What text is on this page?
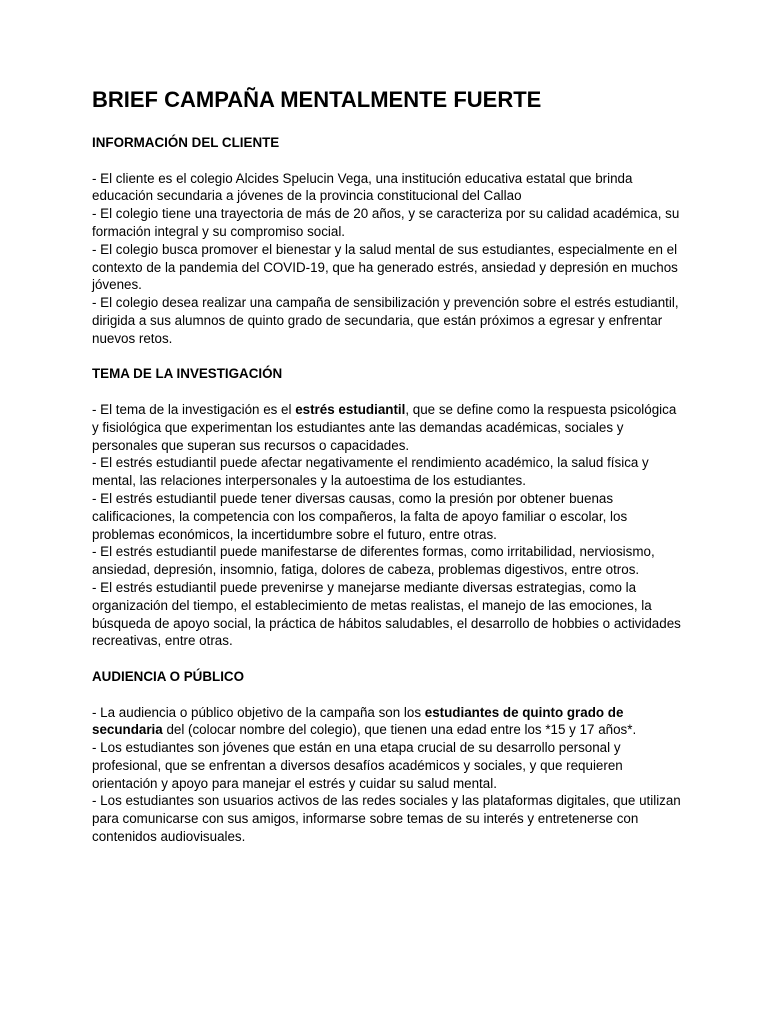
BRIEF CAMPAÑA MENTALMENTE FUERTE
INFORMACIÓN DEL CLIENTE

- El cliente es el colegio Alcides Spelucin Vega, una institución educativa estatal que brinda educación secundaria a jóvenes de la provincia constitucional del Callao

- El colegio tiene una trayectoria de más de 20 años, y se caracteriza por su calidad académica, su formación integral y su compromiso social.

- El colegio busca promover el bienestar y la salud mental de sus estudiantes, especialmente en el contexto de la pandemia del COVID-19, que ha generado estrés, ansiedad y depresión en muchos jóvenes.

- El colegio desea realizar una campaña de sensibilización y prevención sobre el estrés estudiantil, dirigida a sus alumnos de quinto grado de secundaria, que están próximos a egresar y enfrentar nuevos retos.

TEMA DE LA INVESTIGACIÓN

- El tema de la investigación es el estrés estudiantil, que se define como la respuesta psicológica y fisiológica que experimentan los estudiantes ante las demandas académicas, sociales y personales que superan sus recursos o capacidades.

- El estrés estudiantil puede afectar negativamente el rendimiento académico, la salud física y mental, las relaciones interpersonales y la autoestima de los estudiantes.

- El estrés estudiantil puede tener diversas causas, como la presión por obtener buenas calificaciones, la competencia con los compañeros, la falta de apoyo familiar o escolar, los problemas económicos, la incertidumbre sobre el futuro, entre otras.

- El estrés estudiantil puede manifestarse de diferentes formas, como irritabilidad, nerviosismo, ansiedad, depresión, insomnio, fatiga, dolores de cabeza, problemas digestivos, entre otros.

- El estrés estudiantil puede prevenirse y manejarse mediante diversas estrategias, como la organización del tiempo, el establecimiento de metas realistas, el manejo de las emociones, la búsqueda de apoyo social, la práctica de hábitos saludables, el desarrollo de hobbies o actividades recreativas, entre otras.

AUDIENCIA O PÚBLICO

- La audiencia o público objetivo de la campaña son los estudiantes de quinto grado de secundaria del (colocar nombre del colegio), que tienen una edad entre los *15 y 17 años*.

- Los estudiantes son jóvenes que están en una etapa crucial de su desarrollo personal y profesional, que se enfrentan a diversos desafíos académicos y sociales, y que requieren orientación y apoyo para manejar el estrés y cuidar su salud mental.

- Los estudiantes son usuarios activos de las redes sociales y las plataformas digitales, que utilizan para comunicarse con sus amigos, informarse sobre temas de su interés y entretenerse con contenidos audiovisuales.
